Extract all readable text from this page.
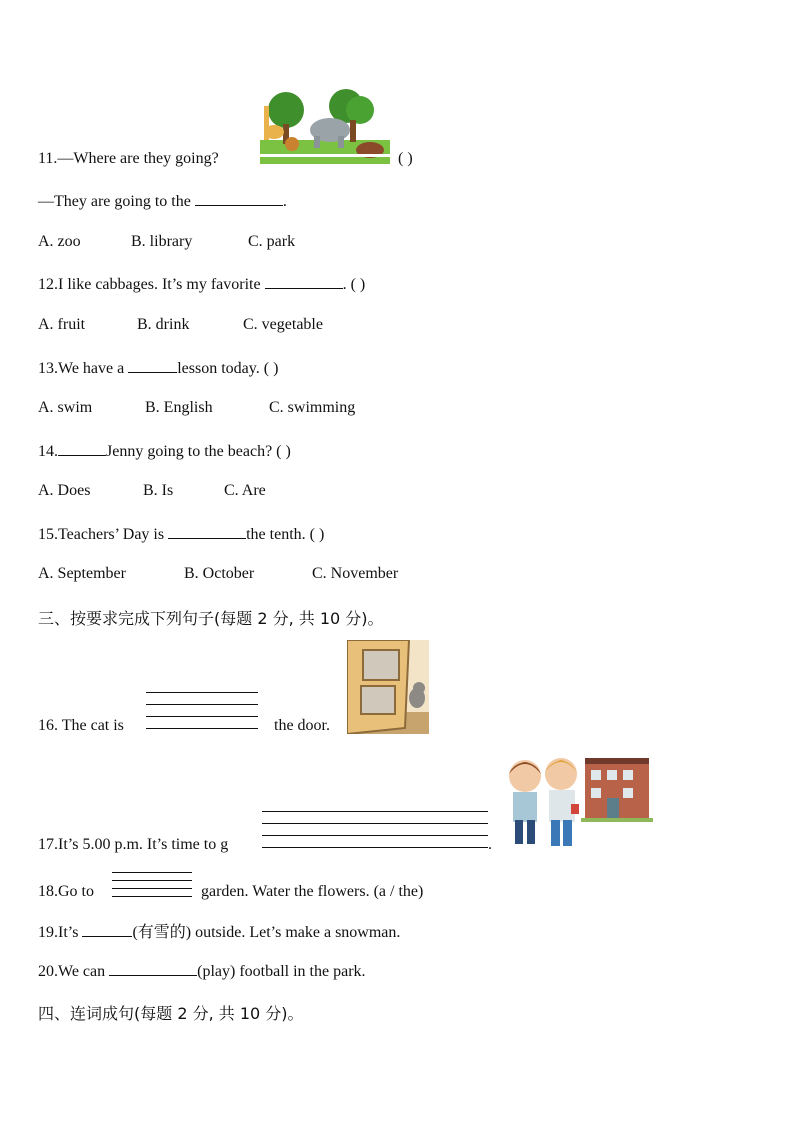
11.—Where are they going?	( )
—They are going to the	.
A. zoo	B. library	C. park
12.I like cabbages. It’s my favorite	. ( )
A. fruit	B. drink	C. vegetable
13.We have a	lesson today. ( )
A. swim	B. English	C. swimming
14.	Jenny going to the beach? ( )
A. Does	B. Is	C. Are
15.Teachers’ Day is	the tenth. ( )
A. September	B. October	C. November
三、按要求完成下列句子(每题 2 分, 共 10 分)。
16. The cat is	the door.
17.It’s 5.00 p.m. It’s time to g	.
18.Go to	garden. Water the flowers. (a / the)
19.It’s	(有雪的) outside. Let’s make a snowman.
20.We can	(play) football in the park.
四、连词成句(每题 2 分, 共 10 分)。
